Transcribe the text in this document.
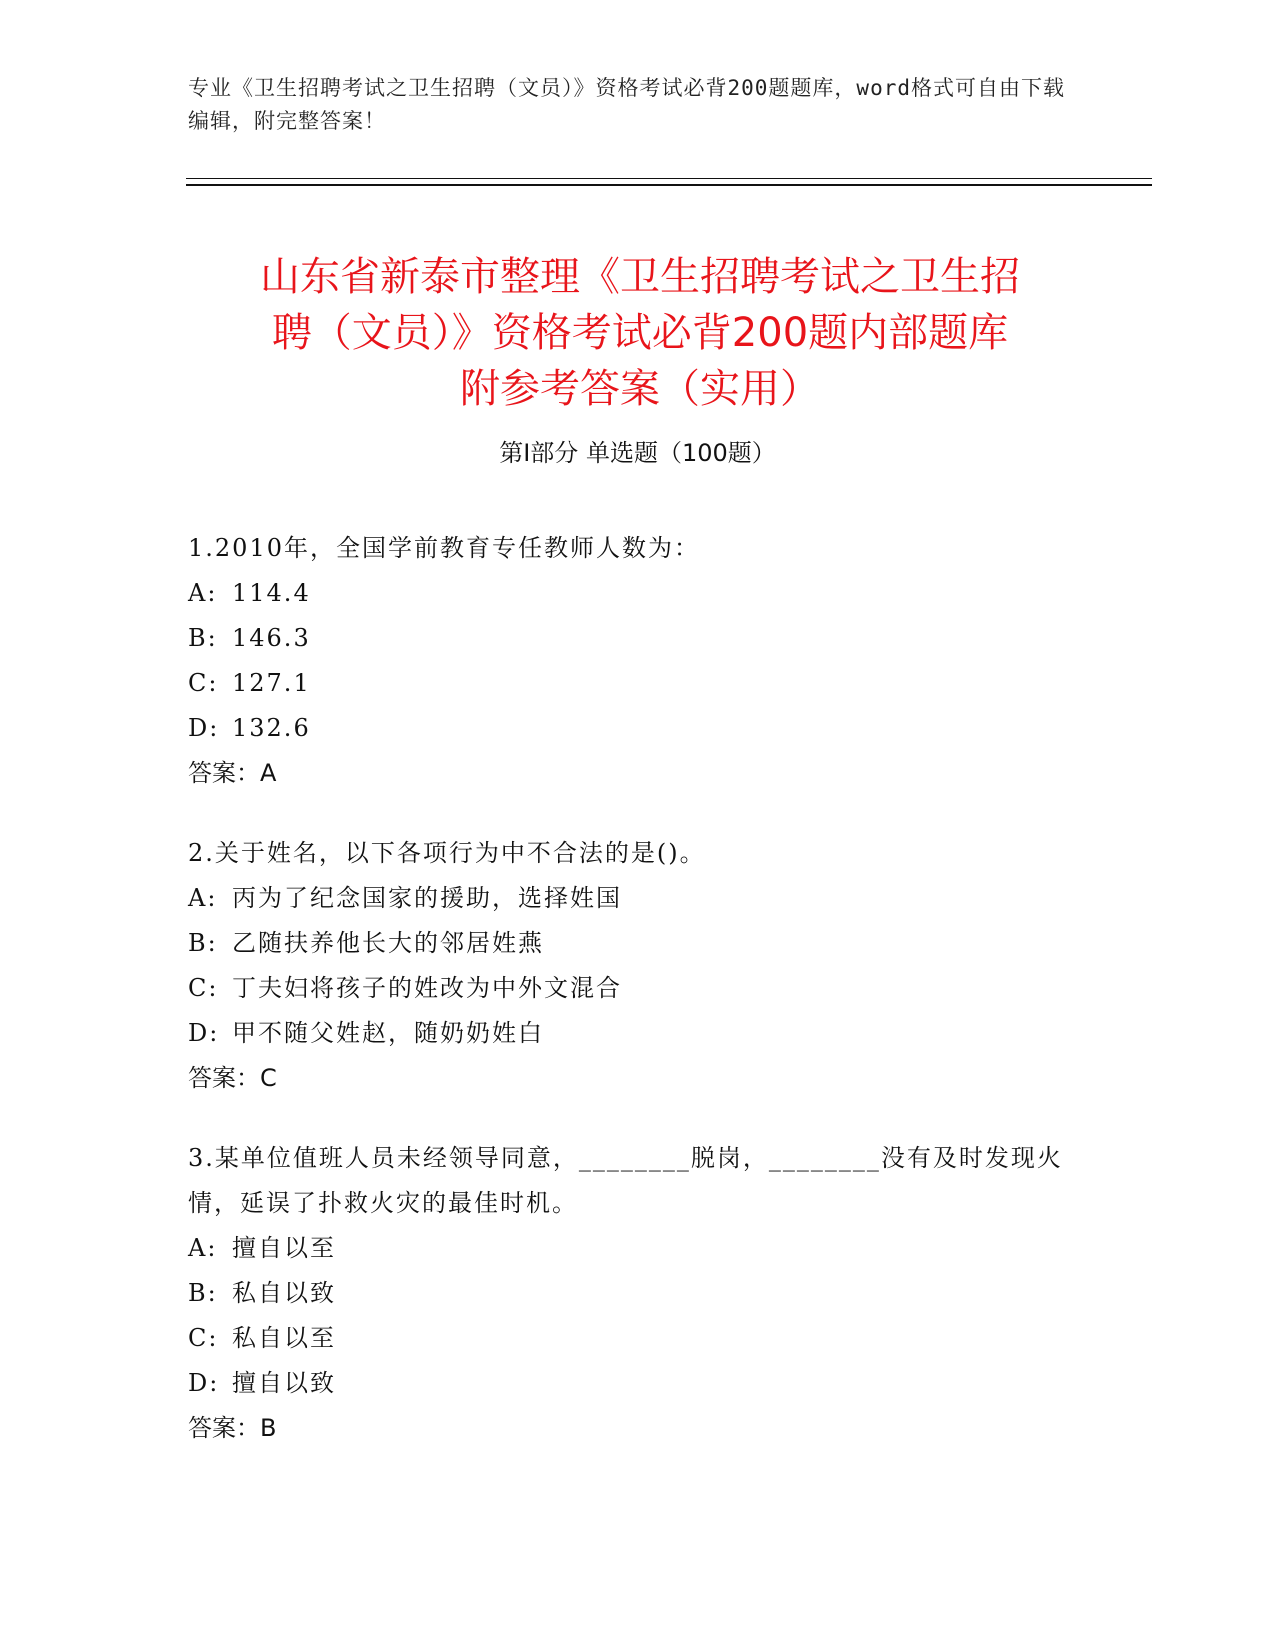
专业《卫生招聘考试之卫生招聘（文员）》资格考试必背200题题库，word格式可自由下载编辑，附完整答案！
山东省新泰市整理《卫生招聘考试之卫生招
聘（文员）》资格考试必背200题内部题库
附参考答案（实用）
第I部分 单选题（100题）

1.2010年，全国学前教育专任教师人数为：

A: 114.4

B: 146.3

C: 127.1

D: 132.6

答案：A

2.关于姓名，以下各项行为中不合法的是()。

A: 丙为了纪念国家的援助，选择姓国

B: 乙随扶养他长大的邻居姓燕

C: 丁夫妇将孩子的姓改为中外文混合

D: 甲不随父姓赵，随奶奶姓白

答案：C

3.某单位值班人员未经领导同意，________脱岗，________没有及时发现火情，延误了扑救火灾的最佳时机。

A: 擅自以至

B: 私自以致

C: 私自以至

D: 擅自以致

答案：B
